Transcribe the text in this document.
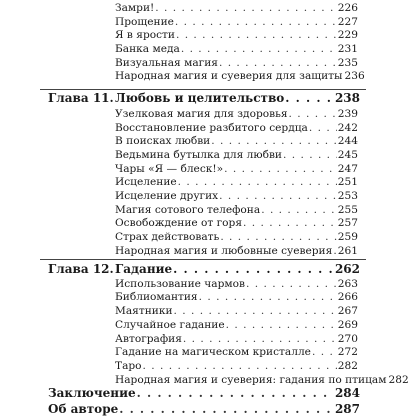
Замри! . . .	226
Прощение . . .	227
Я в ярости . . .	229
Банка меда . . .	231
Визуальная магия . . .	235
Народная магия и суеверия для защиты 236
Глава 11. Любовь и целительство . . .	238
Узелковая магия для здоровья . . .	239
Восстановление разбитого сердца . . .	242
В поисках любви . . .	244
Ведьмина бутылка для любви . . .	245
Чары «Я — блеск!» . . .	247
Исцеление . . .	251
Исцеление других . . .	253
Магия сотового телефона . . .	255
Освобождение от горя . . .	257
Страх действовать . . .	259
Народная магия и любовные суеверия . . . 261
Глава 12. Гадание . . .	262
Использование чармов . . .	263
Библиомантия . . .	266
Маятники . . .	267
Случайное гадание . . .	269
Автография . . .	270
Гадание на магическом кристалле . . .	272
Таро . . .	282
Народная магия и суеверия: гадания по птицам 282
Заключение . . .	284
Об авторе . . .	287
